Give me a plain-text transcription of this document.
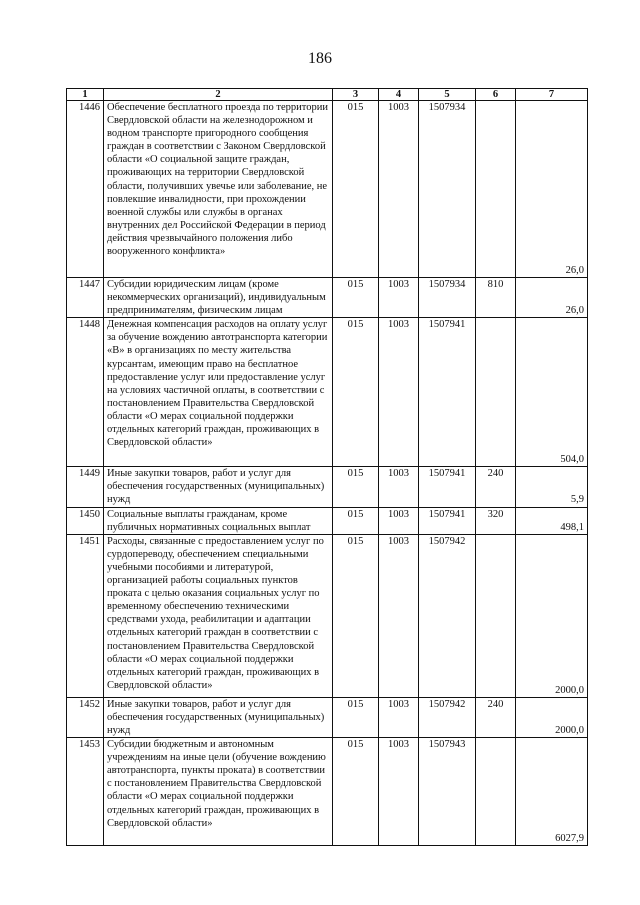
186
1	2	3	4	5	6	7
1446	Обеспечение бесплатного проезда по территории Свердловской области на железнодорожном и водном транспорте пригородного сообщения граждан в соответствии с Законом Свердловской области «О социальной защите граждан, проживающих на территории Свердловской области, получивших увечье или заболевание, не повлекшие инвалидности, при прохождении военной службы или службы в органах внутренних дел Российской Федерации в период действия чрезвычайного положения либо вооруженного конфликта»	015	1003	1507934		26,0
1447	Субсидии юридическим лицам (кроме некоммерческих организаций), индивидуальным предпринимателям, физическим лицам	015	1003	1507934	810	26,0
1448	Денежная компенсация расходов на оплату услуг за обучение вождению автотранспорта категории «В» в организациях по месту жительства курсантам, имеющим право на бесплатное предоставление услуг или предоставление услуг на условиях частичной оплаты, в соответствии с постановлением Правительства Свердловской области «О мерах социальной поддержки отдельных категорий граждан, проживающих в Свердловской области»	015	1003	1507941		504,0
1449	Иные закупки товаров, работ и услуг для обеспечения государственных (муниципальных) нужд	015	1003	1507941	240	5,9
1450	Социальные выплаты гражданам, кроме публичных нормативных социальных выплат	015	1003	1507941	320	498,1
1451	Расходы, связанные с предоставлением услуг по сурдопереводу, обеспечением специальными учебными пособиями и литературой, организацией работы социальных пунктов проката с целью оказания социальных услуг по временному обеспечению техническими средствами ухода, реабилитации и адаптации отдельных категорий граждан в соответствии с постановлением Правительства Свердловской области «О мерах социальной поддержки отдельных категорий граждан, проживающих в Свердловской области»	015	1003	1507942		2000,0
1452	Иные закупки товаров, работ и услуг для обеспечения государственных (муниципальных) нужд	015	1003	1507942	240	2000,0
1453	Субсидии бюджетным и автономным учреждениям на иные цели (обучение вождению автотранспорта, пункты проката) в соответствии с постановлением Правительства Свердловской области «О мерах социальной поддержки отдельных категорий граждан, проживающих в Свердловской области»	015	1003	1507943		6027,9
